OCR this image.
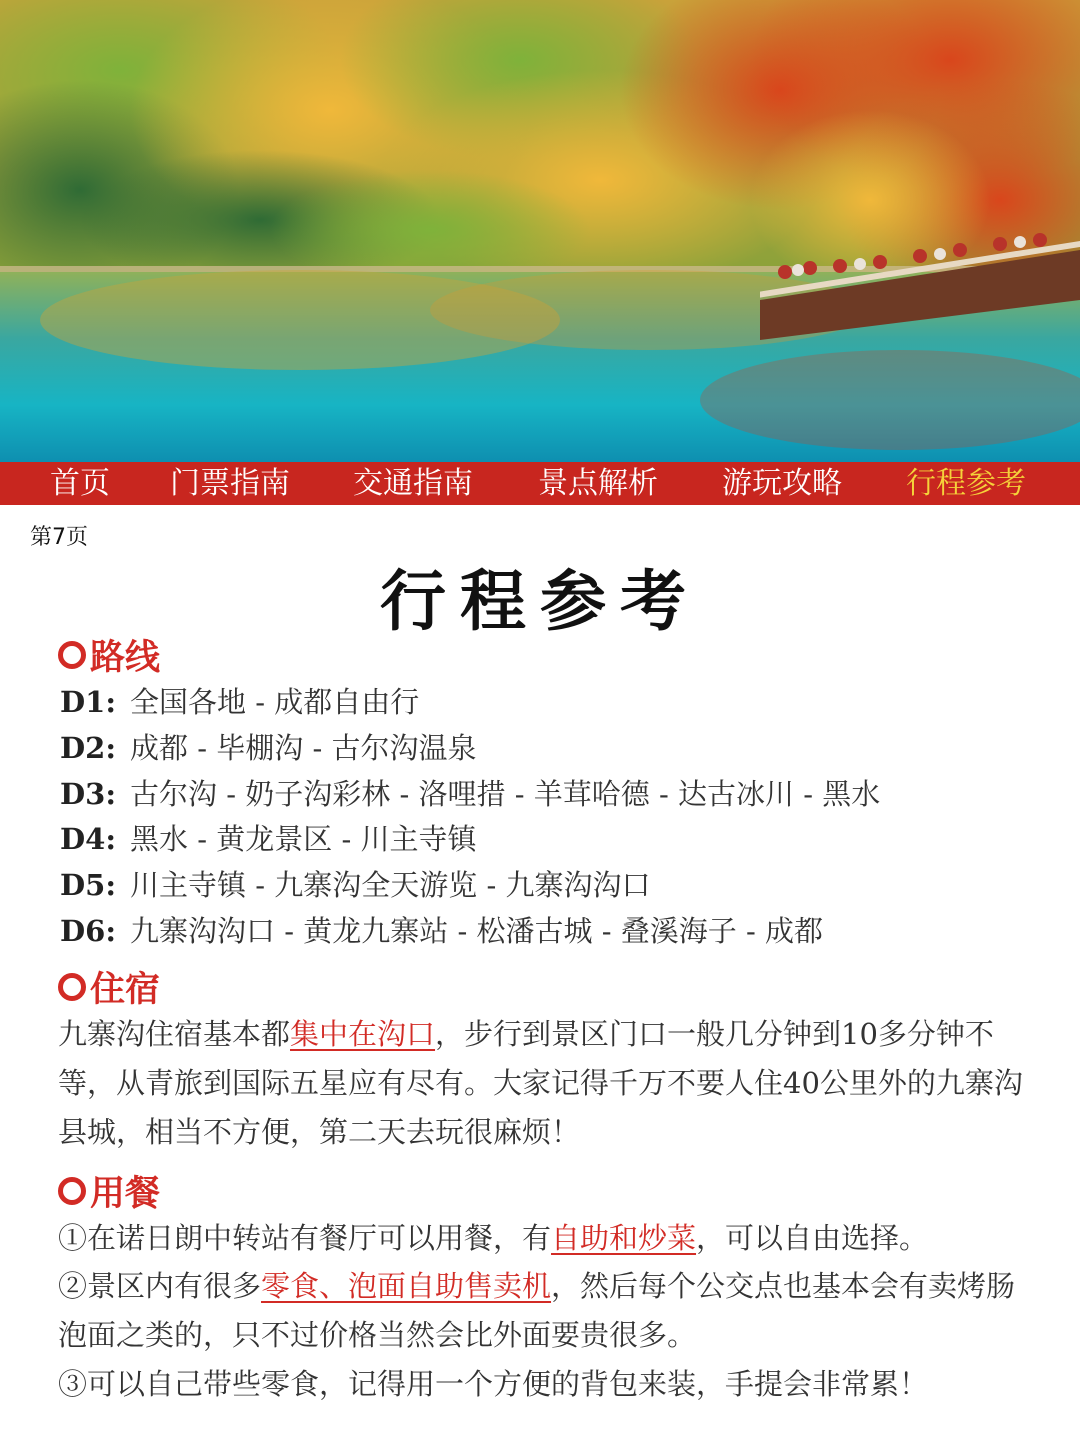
首页 门票指南 交通指南 景点解析 游玩攻略 行程参考
第7页
行程参考
路线
D1: 全国各地 - 成都自由行
D2: 成都 - 毕棚沟 - 古尔沟温泉
D3: 古尔沟 - 奶子沟彩林 - 洛哩措 - 羊茸哈德 - 达古冰川 - 黑水
D4: 黑水 - 黄龙景区 - 川主寺镇
D5: 川主寺镇 - 九寨沟全天游览 - 九寨沟沟口
D6: 九寨沟沟口 - 黄龙九寨站 - 松潘古城 - 叠溪海子 - 成都
住宿
九寨沟住宿基本都集中在沟口，步行到景区门口一般几分钟到10多分钟不等，从青旅到国际五星应有尽有。大家记得千万不要人住40公里外的九寨沟县城，相当不方便，第二天去玩很麻烦！
用餐
①在诺日朗中转站有餐厅可以用餐，有自助和炒菜，可以自由选择。
②景区内有很多零食、泡面自助售卖机，然后每个公交点也基本会有卖烤肠泡面之类的，只不过价格当然会比外面要贵很多。
③可以自己带些零食，记得用一个方便的背包来装，手提会非常累！
